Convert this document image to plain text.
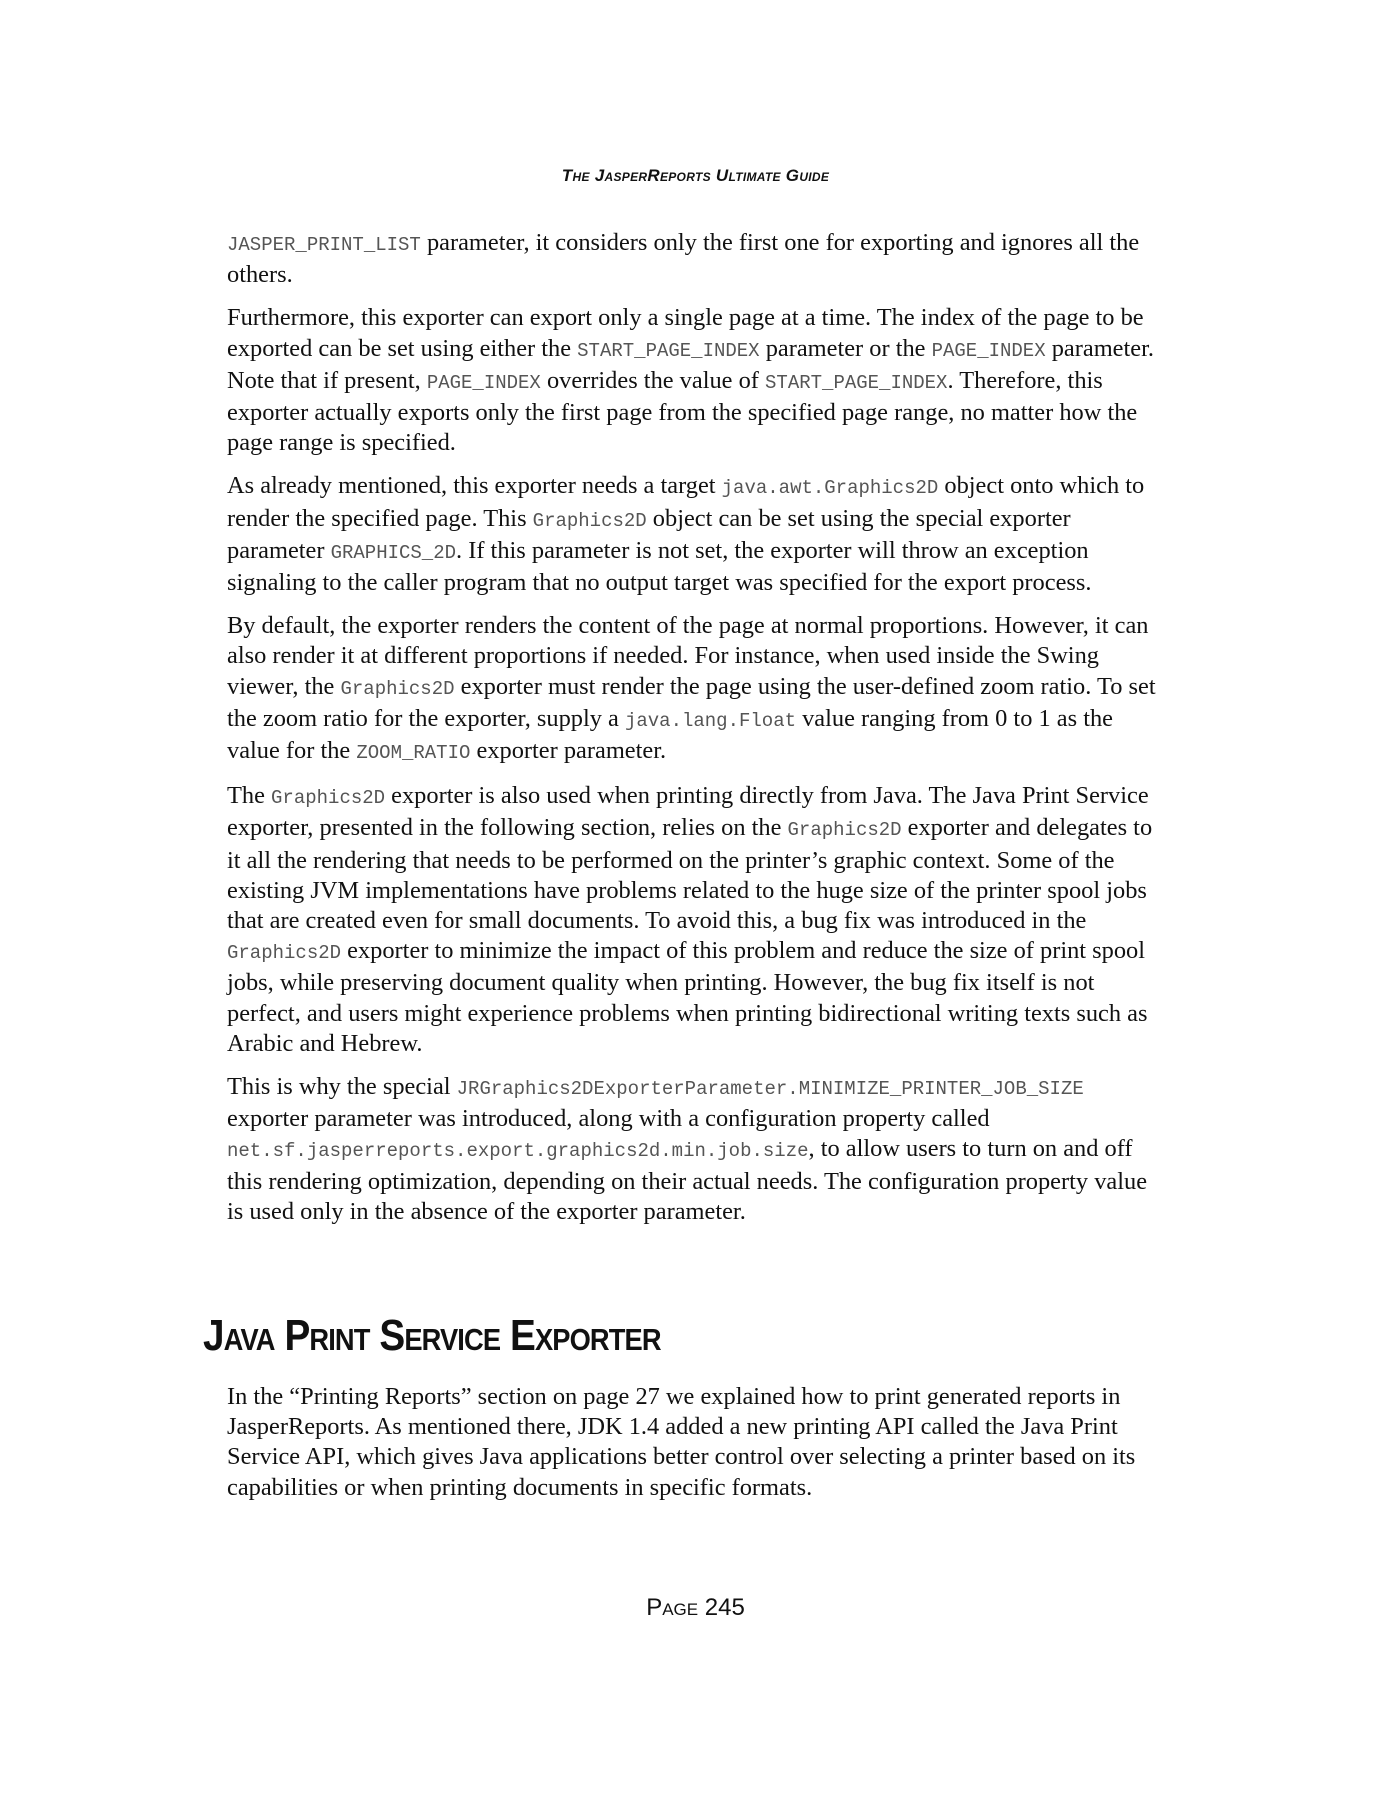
The JasperReports Ultimate Guide

JASPER_PRINT_LIST parameter, it considers only the first one for exporting and ignores all the others.

Furthermore, this exporter can export only a single page at a time. The index of the page to be exported can be set using either the START_PAGE_INDEX parameter or the PAGE_INDEX parameter. Note that if present, PAGE_INDEX overrides the value of START_PAGE_INDEX. Therefore, this exporter actually exports only the first page from the specified page range, no matter how the page range is specified.

As already mentioned, this exporter needs a target java.awt.Graphics2D object onto which to render the specified page. This Graphics2D object can be set using the special exporter parameter GRAPHICS_2D. If this parameter is not set, the exporter will throw an exception signaling to the caller program that no output target was specified for the export process.

By default, the exporter renders the content of the page at normal proportions. However, it can also render it at different proportions if needed. For instance, when used inside the Swing viewer, the Graphics2D exporter must render the page using the user-defined zoom ratio. To set the zoom ratio for the exporter, supply a java.lang.Float value ranging from 0 to 1 as the value for the ZOOM_RATIO exporter parameter.

The Graphics2D exporter is also used when printing directly from Java. The Java Print Service exporter, presented in the following section, relies on the Graphics2D exporter and delegates to it all the rendering that needs to be performed on the printer’s graphic context. Some of the existing JVM implementations have problems related to the huge size of the printer spool jobs that are created even for small documents. To avoid this, a bug fix was introduced in the Graphics2D exporter to minimize the impact of this problem and reduce the size of print spool jobs, while preserving document quality when printing. However, the bug fix itself is not perfect, and users might experience problems when printing bidirectional writing texts such as Arabic and Hebrew.

This is why the special JRGraphics2DExporterParameter.MINIMIZE_PRINTER_JOB_SIZE exporter parameter was introduced, along with a configuration property called net.sf.jasperreports.export.graphics2d.min.job.size, to allow users to turn on and off this rendering optimization, depending on their actual needs. The configuration property value is used only in the absence of the exporter parameter.

Java Print Service Exporter

In the “Printing Reports” section on page 27 we explained how to print generated reports in JasperReports. As mentioned there, JDK 1.4 added a new printing API called the Java Print Service API, which gives Java applications better control over selecting a printer based on its capabilities or when printing documents in specific formats.

Page 245
